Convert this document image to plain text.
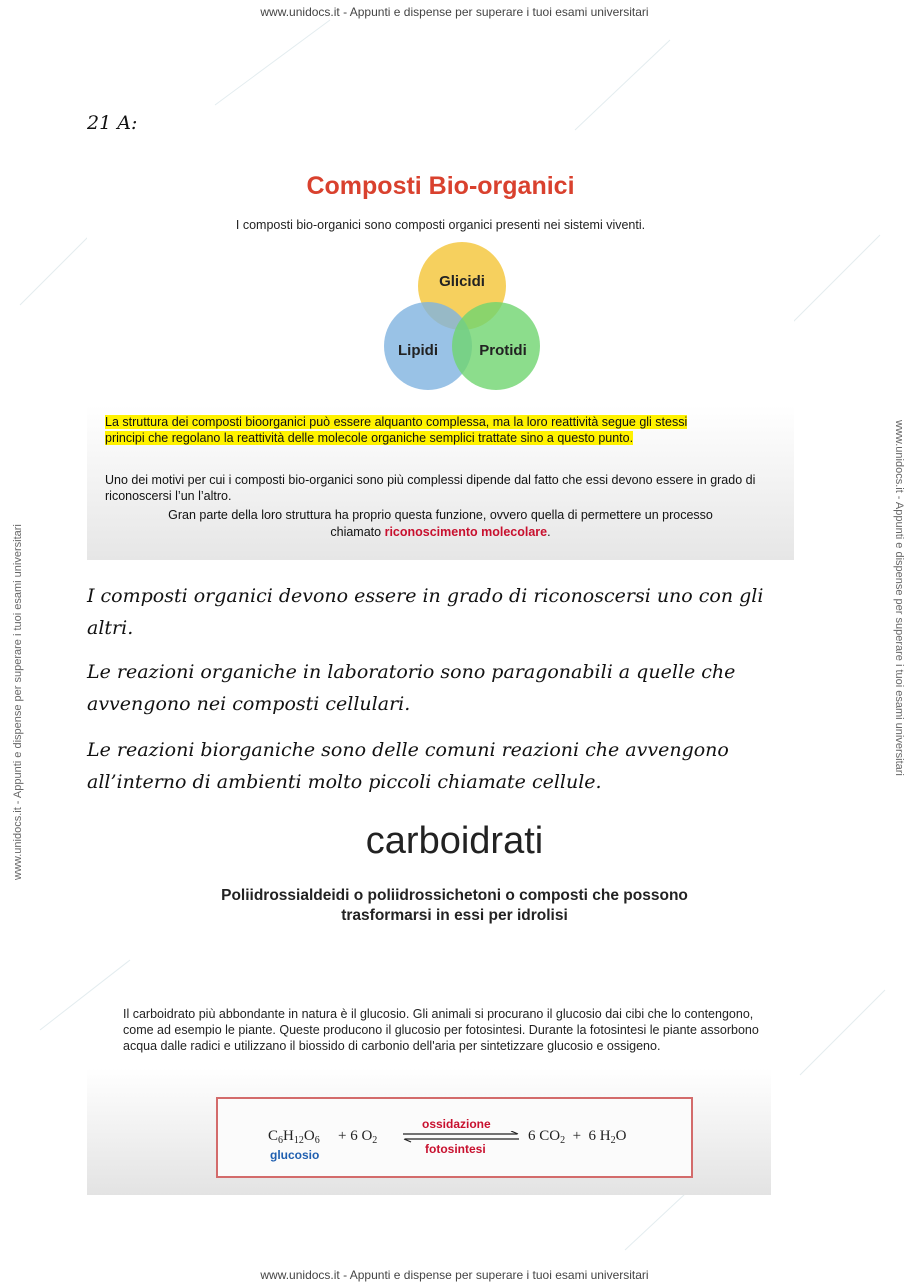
www.unidocs.it - Appunti e dispense per superare i tuoi esami universitari
www.unidocs.it - Appunti e dispense per superare i tuoi esami universitari	www.unidocs.it - Appunti e dispense per superare i tuoi esami universitari
21 A:
Composti Bio-organici
I composti bio-organici sono composti organici presenti nei sistemi viventi.
Glicidi
Lipidi	Protidi
La struttura dei composti bioorganici può essere alquanto complessa, ma la loro reattività segue gli stessi
principi che regolano la reattività delle molecole organiche semplici trattate sino a questo punto.
Uno dei motivi per cui i composti bio-organici sono più complessi dipende dal fatto che essi devono essere in grado di riconoscersi l’un l’altro.
Gran parte della loro struttura ha proprio questa funzione, ovvero quella di permettere un processo
chiamato riconoscimento molecolare.
I composti organici devono essere in grado di riconoscersi uno con gli altri.
Le reazioni organiche in laboratorio sono paragonabili a quelle che avvengono nei composti cellulari.
Le reazioni biorganiche sono delle comuni reazioni che avvengono all’interno di ambienti molto piccoli chiamate cellule.
carboidrati
Poliidrossialdeidi o poliidrossichetoni o composti che possono
trasformarsi in essi per idrolisi
Il carboidrato più abbondante in natura è il glucosio. Gli animali si procurano il glucosio dai cibi che lo contengono, come ad esempio le piante. Queste producono il glucosio per fotosintesi. Durante la fotosintesi le piante assorbono acqua dalle radici e utilizzano il biossido di carbonio dell'aria per sintetizzare glucosio e ossigeno.
$C_6H_{12}O_6$
glucosio
+ 6 $O_2$
ossidazione
fotosintesi
6 $CO_2 + 6$ $H_2O$
www.unidocs.it - Appunti e dispense per superare i tuoi esami universitari
